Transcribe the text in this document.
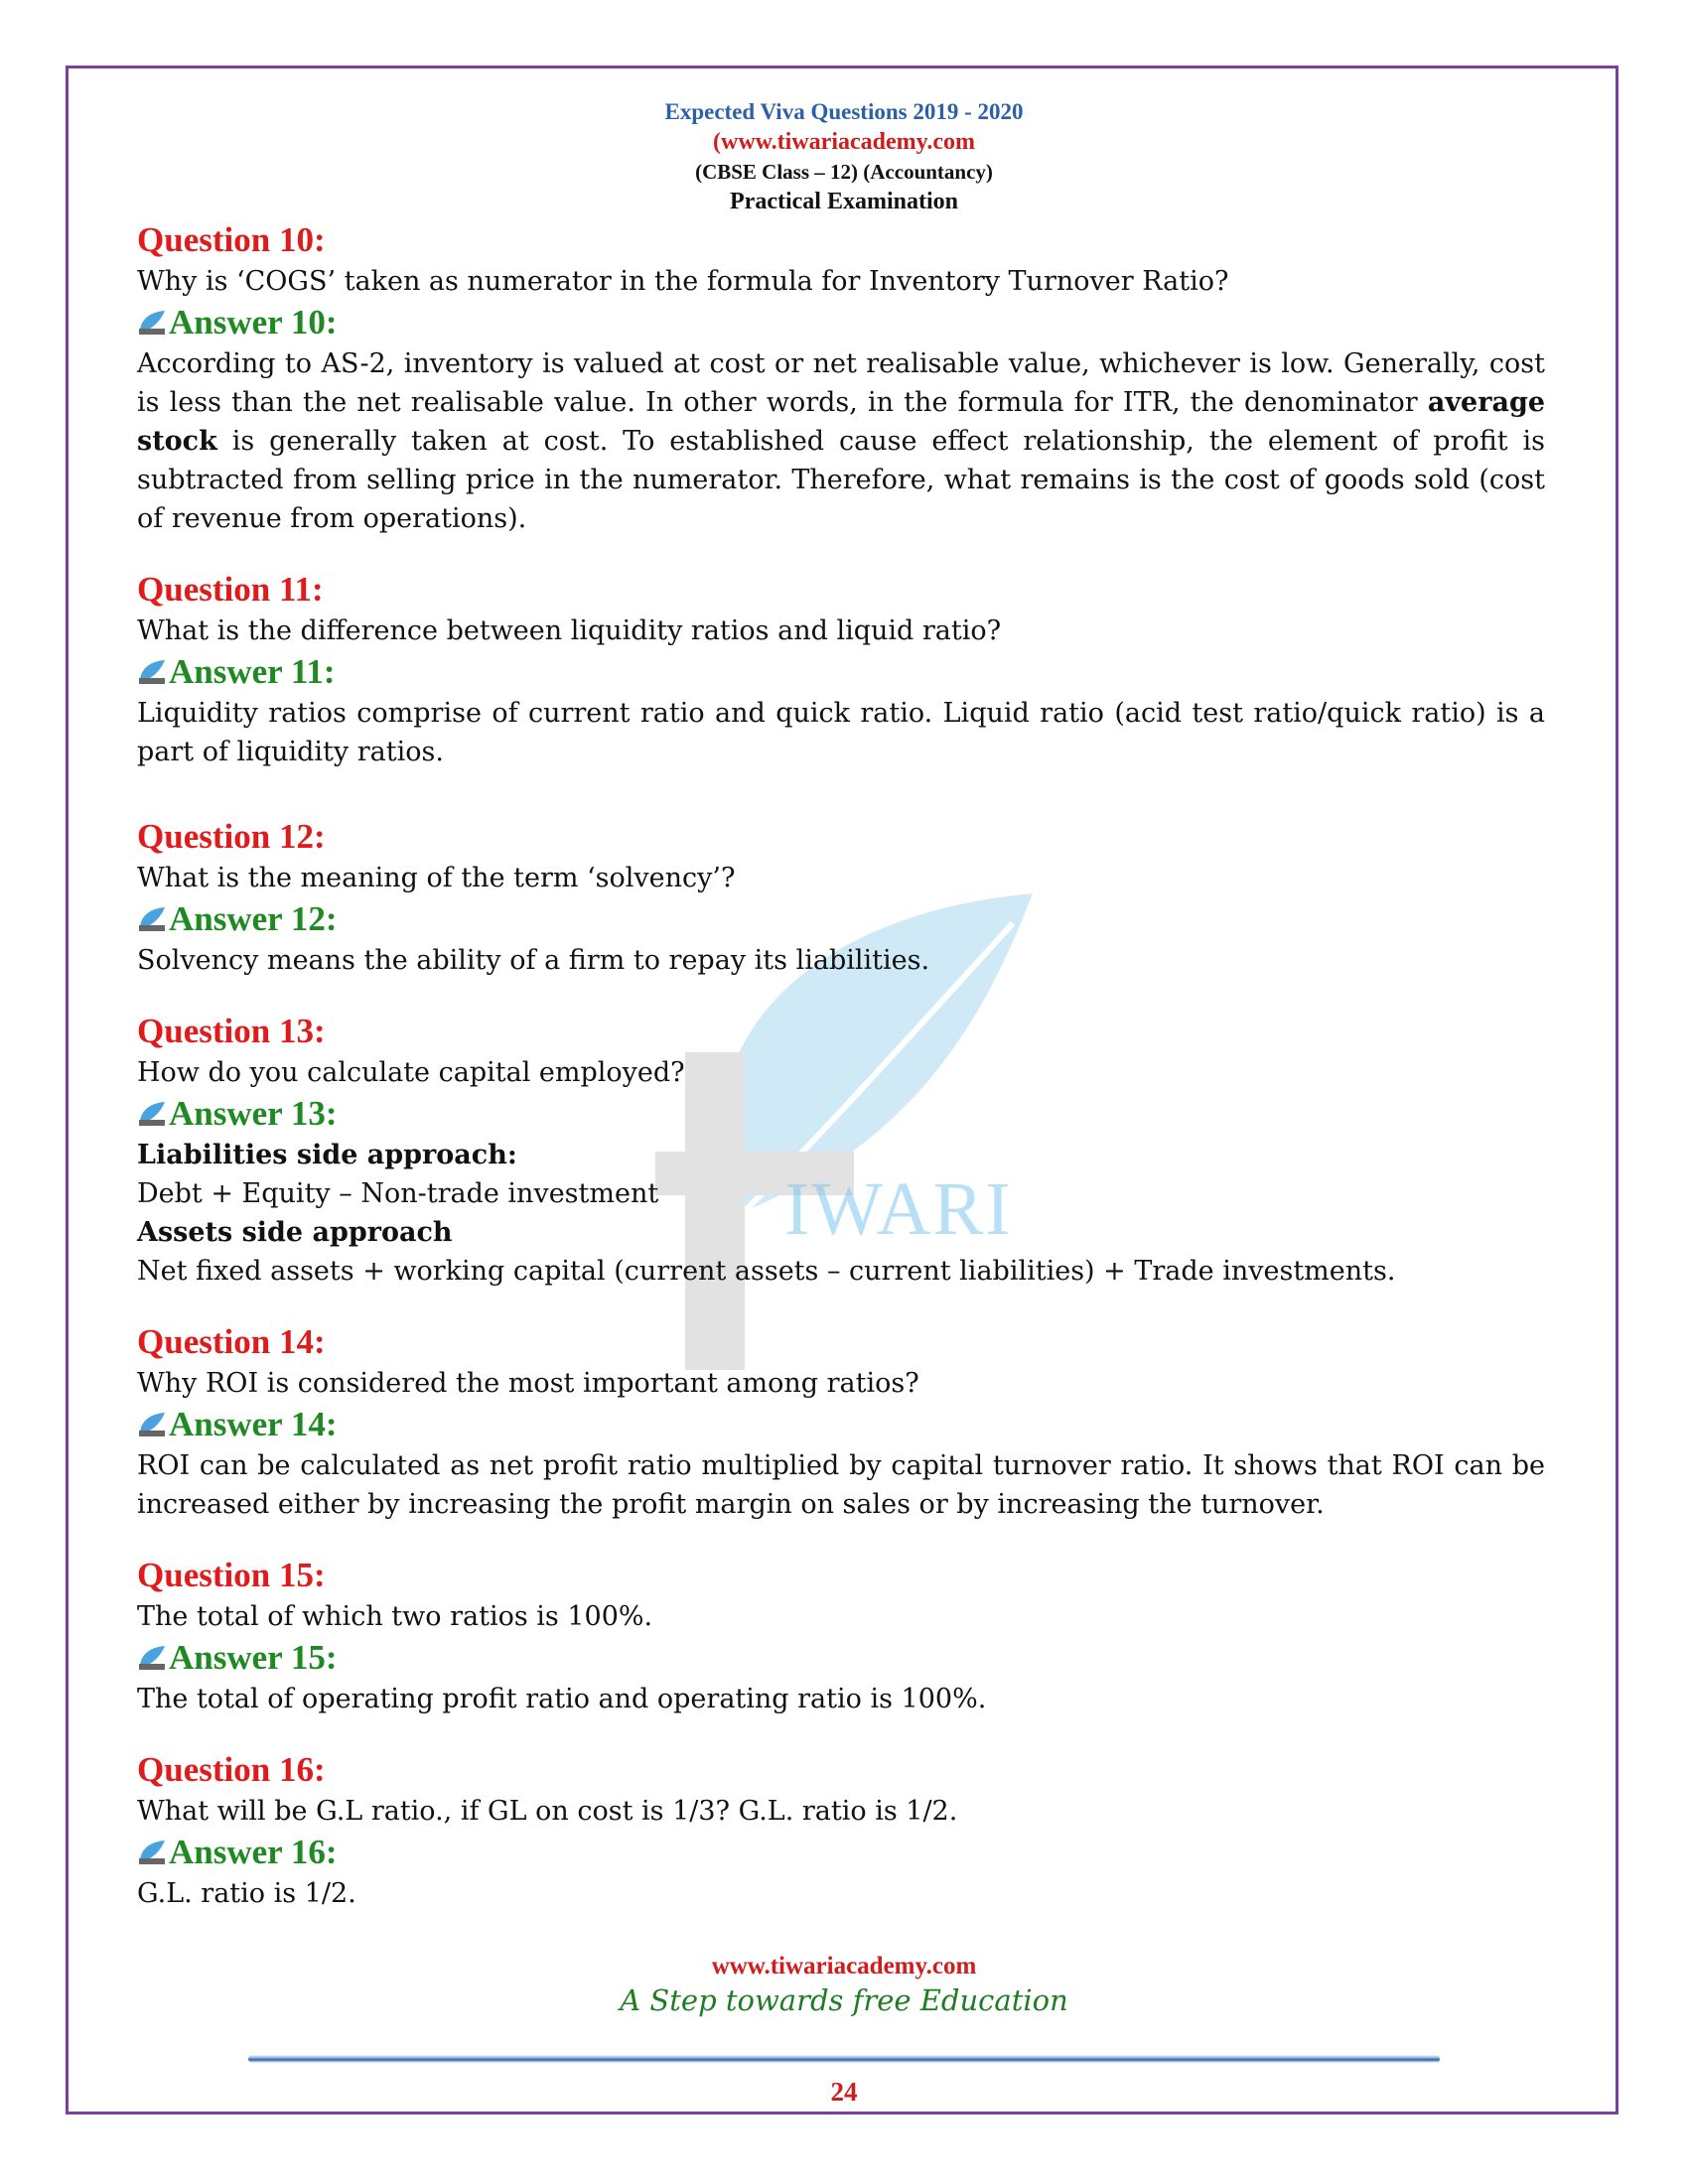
Expected Viva Questions 2019 - 2020
(www.tiwariacademy.com
(CBSE Class – 12) (Accountancy)
Practical Examination
IWARI
Question 10:
Why is ‘COGS’ taken as numerator in the formula for Inventory Turnover Ratio?
Answer 10:
According to AS-2, inventory is valued at cost or net realisable value, whichever is low. Generally, cost is less than the net realisable value. In other words, in the formula for ITR, the denominator average stock is generally taken at cost. To established cause effect relationship, the element of profit is subtracted from selling price in the numerator. Therefore, what remains is the cost of goods sold (cost of revenue from operations).
Question 11:
What is the difference between liquidity ratios and liquid ratio?
Answer 11:
Liquidity ratios comprise of current ratio and quick ratio. Liquid ratio (acid test ratio/quick ratio) is a part of liquidity ratios.
Question 12:
What is the meaning of the term ‘solvency’?
Answer 12:
Solvency means the ability of a firm to repay its liabilities.
Question 13:
How do you calculate capital employed?
Answer 13:
Liabilities side approach:
Debt + Equity – Non-trade investment
Assets side approach
Net fixed assets + working capital (current assets – current liabilities) + Trade investments.
Question 14:
Why ROI is considered the most important among ratios?
Answer 14:
ROI can be calculated as net profit ratio multiplied by capital turnover ratio. It shows that ROI can be increased either by increasing the profit margin on sales or by increasing the turnover.
Question 15:
The total of which two ratios is 100%.
Answer 15:
The total of operating profit ratio and operating ratio is 100%.
Question 16:
What will be G.L ratio., if GL on cost is 1/3? G.L. ratio is 1/2.
Answer 16:
G.L. ratio is 1/2.
www.tiwariacademy.com
A Step towards free Education
24
